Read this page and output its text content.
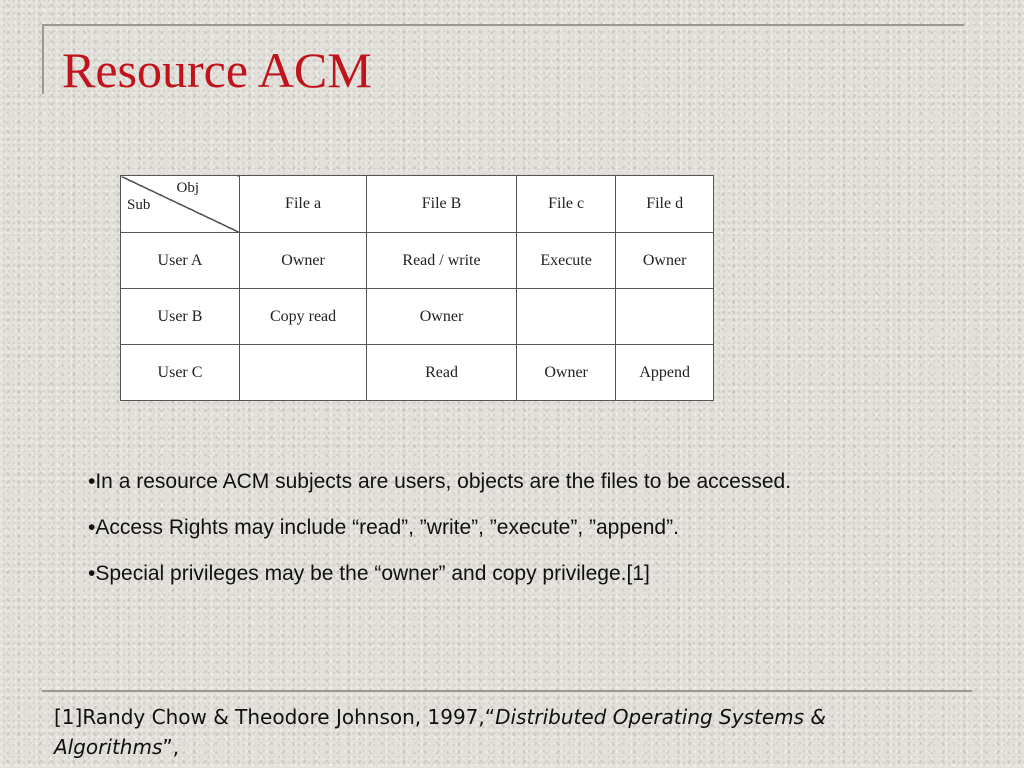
Resource ACM
Obj
Sub	File a	File B	File c	File d
User A	Owner	Read / write	Execute	Owner
User B	Copy read	Owner		
User C		Read	Owner	Append
•In a resource ACM subjects are users, objects are the files to be accessed.
•Access Rights may include “read”, ”write”, ”execute”, ”append”.
•Special privileges may be the “owner” and copy privilege.[1]
[1]Randy Chow & Theodore Johnson, 1997,“Distributed Operating Systems & Algorithms”,
